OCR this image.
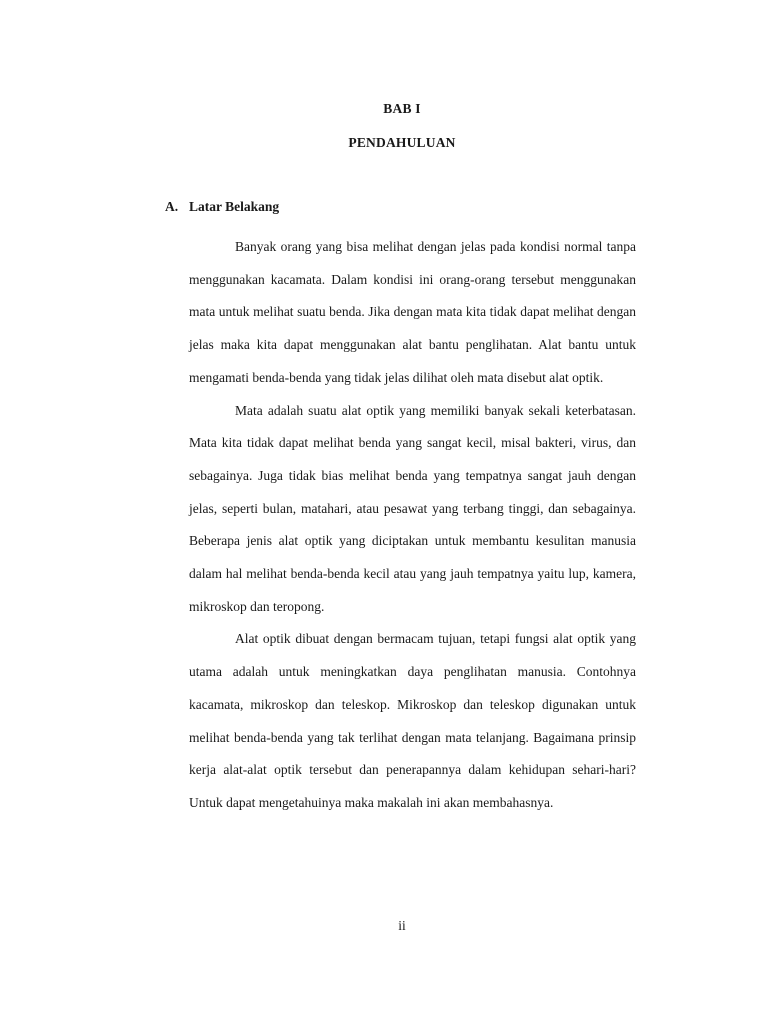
BAB I
PENDAHULUAN
A. Latar Belakang

Banyak orang yang bisa melihat dengan jelas pada kondisi normal tanpa menggunakan kacamata. Dalam kondisi ini orang-orang tersebut menggunakan mata untuk melihat suatu benda. Jika dengan mata kita tidak dapat melihat dengan jelas maka kita dapat menggunakan alat bantu penglihatan. Alat bantu untuk mengamati benda-benda yang tidak jelas dilihat oleh mata disebut alat optik.

Mata adalah suatu alat optik yang memiliki banyak sekali keterbatasan. Mata kita tidak dapat melihat benda yang sangat kecil, misal bakteri, virus, dan sebagainya. Juga tidak bias melihat benda yang tempatnya sangat jauh dengan jelas, seperti bulan, matahari, atau pesawat yang terbang tinggi, dan sebagainya. Beberapa jenis alat optik yang diciptakan untuk membantu kesulitan manusia dalam hal melihat benda-benda kecil atau yang jauh tempatnya yaitu lup, kamera, mikroskop dan teropong.

Alat optik dibuat dengan bermacam tujuan, tetapi fungsi alat optik yang utama adalah untuk meningkatkan daya penglihatan manusia. Contohnya kacamata, mikroskop dan teleskop. Mikroskop dan teleskop digunakan untuk melihat benda-benda yang tak terlihat dengan mata telanjang. Bagaimana prinsip kerja alat-alat optik tersebut dan penerapannya dalam kehidupan sehari-hari? Untuk dapat mengetahuinya maka makalah ini akan membahasnya.

ii
